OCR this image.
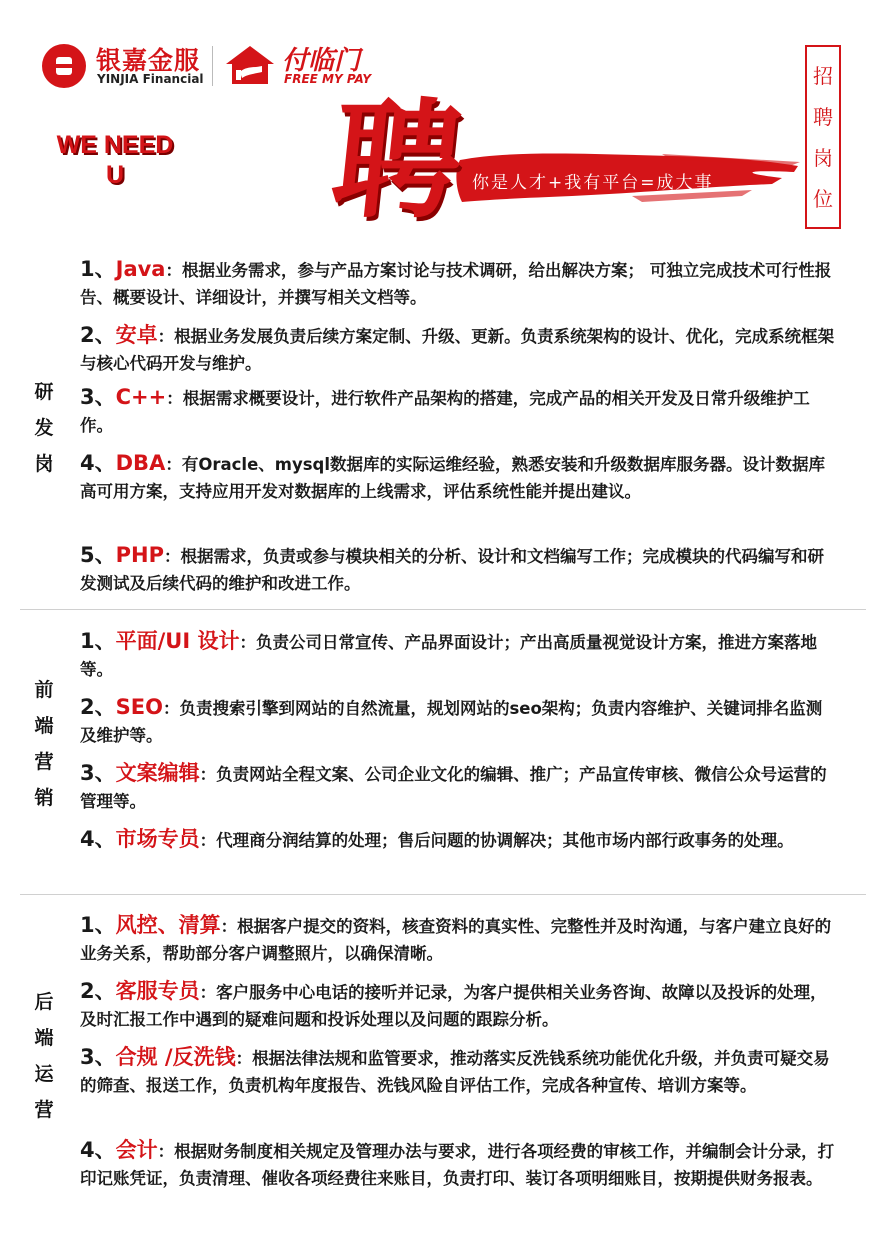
银嘉金服
YINJIA Financial
付临门
FREE MY PAY
WE NEED
U	聘 你是人才+我有平台=成大事
招
聘
岗
位
研
发
岗
1、Java：根据业务需求，参与产品方案讨论与技术调研，给出解决方案； 可独立完成技术可行性报告、概要设计、详细设计，并撰写相关文档等。
2、安卓：根据业务发展负责后续方案定制、升级、更新。负责系统架构的设计、优化，完成系统框架与核心代码开发与维护。
3、C++：根据需求概要设计，进行软件产品架构的搭建，完成产品的相关开发及日常升级维护工作。
4、DBA：有Oracle、mysql数据库的实际运维经验，熟悉安装和升级数据库服务器。设计数据库高可用方案，支持应用开发对数据库的上线需求，评估系统性能并提出建议。
5、PHP：根据需求，负责或参与模块相关的分析、设计和文档编写工作；完成模块的代码编写和研发测试及后续代码的维护和改进工作。
前
端
营
销
1、平面/UI 设计：负责公司日常宣传、产品界面设计；产出高质量视觉设计方案，推进方案落地等。
2、SEO：负责搜索引擎到网站的自然流量，规划网站的seo架构；负责内容维护、关键词排名监测及维护等。
3、文案编辑：负责网站全程文案、公司企业文化的编辑、推广；产品宣传审核、微信公众号运营的管理等。
4、市场专员：代理商分润结算的处理；售后问题的协调解决；其他市场内部行政事务的处理。
后
端
运
营
1、风控、清算：根据客户提交的资料，核查资料的真实性、完整性并及时沟通，与客户建立良好的业务关系，帮助部分客户调整照片，以确保清晰。
2、客服专员：客户服务中心电话的接听并记录，为客户提供相关业务咨询、故障以及投诉的处理，及时汇报工作中遇到的疑难问题和投诉处理以及问题的跟踪分析。
3、合规 /反洗钱：根据法律法规和监管要求，推动落实反洗钱系统功能优化升级，并负责可疑交易的筛查、报送工作，负责机构年度报告、洗钱风险自评估工作，完成各种宣传、培训方案等。
4、会计：根据财务制度相关规定及管理办法与要求，进行各项经费的审核工作，并编制会计分录，打印记账凭证，负责清理、催收各项经费往来账目，负责打印、装订各项明细账目，按期提供财务报表。
